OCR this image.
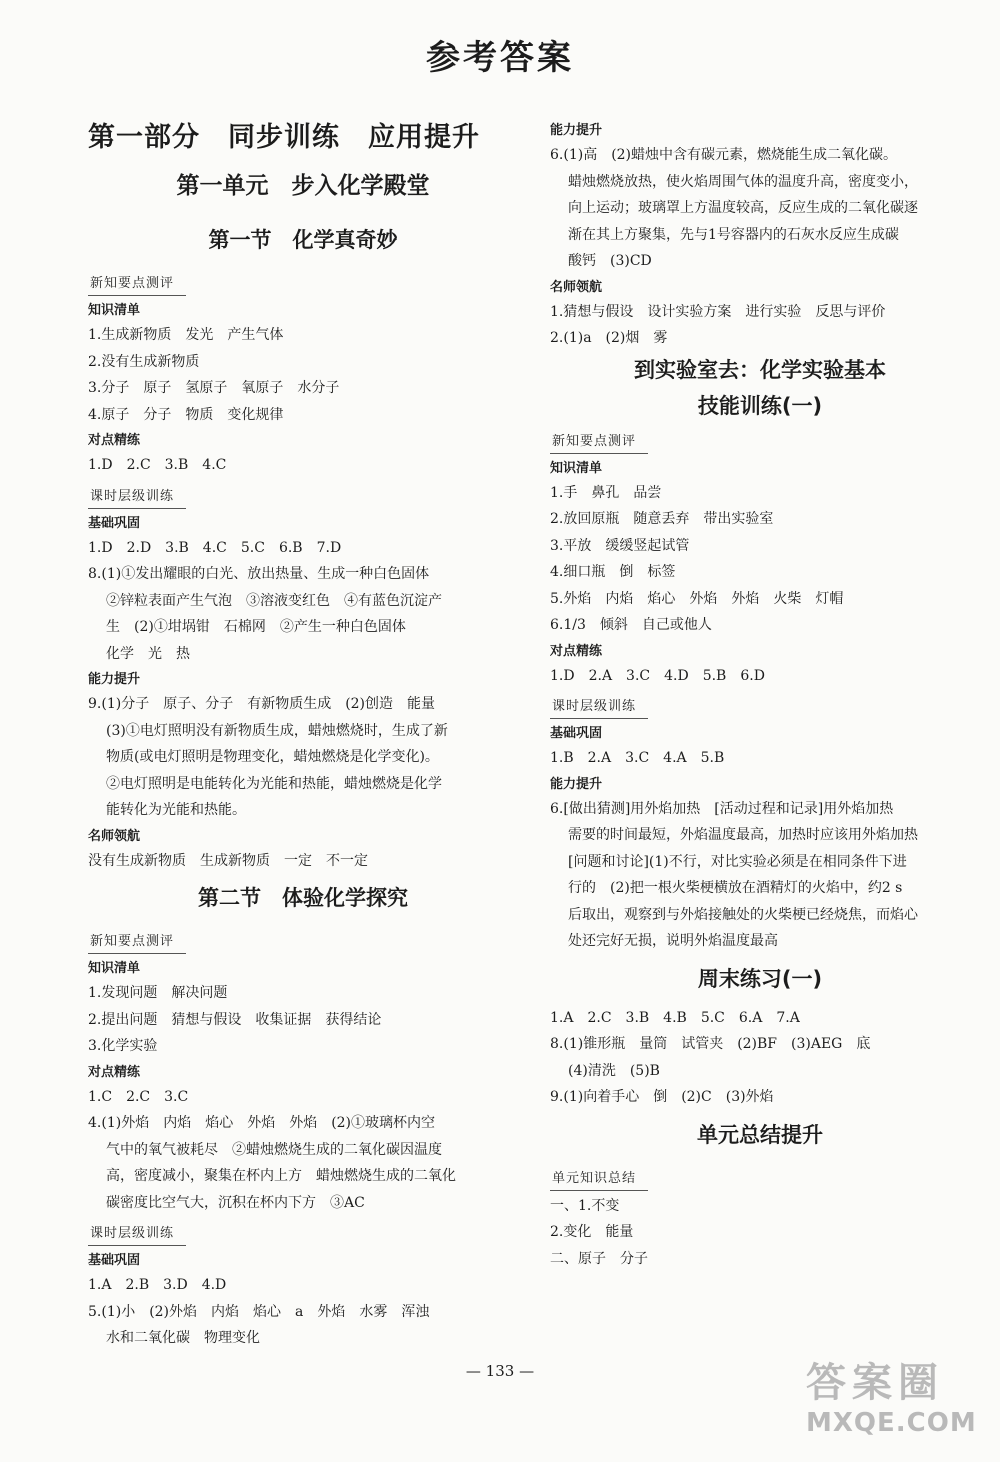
参考答案
第一部分　同步训练　应用提升
第一单元　步入化学殿堂
第一节　化学真奇妙
新知要点测评
知识清单
1.生成新物质　发光　产生气体
2.没有生成新物质
3.分子　原子　氢原子　氧原子　水分子
4.原子　分子　物质　变化规律
对点精练
1.D　2.C　3.B　4.C
课时层级训练
基础巩固
1.D　2.D　3.B　4.C　5.C　6.B　7.D
8.(1)①发出耀眼的白光、放出热量、生成一种白色固体
②锌粒表面产生气泡　③溶液变红色　④有蓝色沉淀产
生　(2)①坩埚钳　石棉网　②产生一种白色固体
化学　光　热
能力提升
9.(1)分子　原子、分子　有新物质生成　(2)创造　能量
(3)①电灯照明没有新物质生成，蜡烛燃烧时，生成了新
物质(或电灯照明是物理变化，蜡烛燃烧是化学变化)。
②电灯照明是电能转化为光能和热能，蜡烛燃烧是化学
能转化为光能和热能。
名师领航
没有生成新物质　生成新物质　一定　不一定
第二节　体验化学探究
新知要点测评
知识清单
1.发现问题　解决问题
2.提出问题　猜想与假设　收集证据　获得结论
3.化学实验
对点精练
1.C　2.C　3.C
4.(1)外焰　内焰　焰心　外焰　外焰　(2)①玻璃杯内空
气中的氧气被耗尽　②蜡烛燃烧生成的二氧化碳因温度
高，密度减小，聚集在杯内上方　蜡烛燃烧生成的二氧化
碳密度比空气大，沉积在杯内下方　③AC
课时层级训练
基础巩固
1.A　2.B　3.D　4.D
5.(1)小　(2)外焰　内焰　焰心　a　外焰　水雾　浑浊
水和二氧化碳　物理变化
能力提升
6.(1)高　(2)蜡烛中含有碳元素，燃烧能生成二氧化碳。
蜡烛燃烧放热，使火焰周围气体的温度升高，密度变小，
向上运动；玻璃罩上方温度较高，反应生成的二氧化碳逐
渐在其上方聚集，先与1号容器内的石灰水反应生成碳
酸钙　(3)CD
名师领航
1.猜想与假设　设计实验方案　进行实验　反思与评价
2.(1)a　(2)烟　雾
到实验室去：化学实验基本
技能训练(一)
新知要点测评
知识清单
1.手　鼻孔　品尝
2.放回原瓶　随意丢弃　带出实验室
3.平放　缓缓竖起试管
4.细口瓶　倒　标签
5.外焰　内焰　焰心　外焰　外焰　火柴　灯帽
6.1/3　倾斜　自己或他人
对点精练
1.D　2.A　3.C　4.D　5.B　6.D
课时层级训练
基础巩固
1.B　2.A　3.C　4.A　5.B
能力提升
6.[做出猜测]用外焰加热　[活动过程和记录]用外焰加热
需要的时间最短，外焰温度最高，加热时应该用外焰加热
[问题和讨论](1)不行，对比实验必须是在相同条件下进
行的　(2)把一根火柴梗横放在酒精灯的火焰中，约2 s
后取出，观察到与外焰接触处的火柴梗已经烧焦，而焰心
处还完好无损，说明外焰温度最高
周末练习(一)
1.A　2.C　3.B　4.B　5.C　6.A　7.A
8.(1)锥形瓶　量筒　试管夹　(2)BF　(3)AEG　底
(4)清洗　(5)B
9.(1)向着手心　倒　(2)C　(3)外焰
单元总结提升
单元知识总结
一、1.不变
2.变化　能量
二、原子　分子
— 133 —	答案圈
MXQE.COM
